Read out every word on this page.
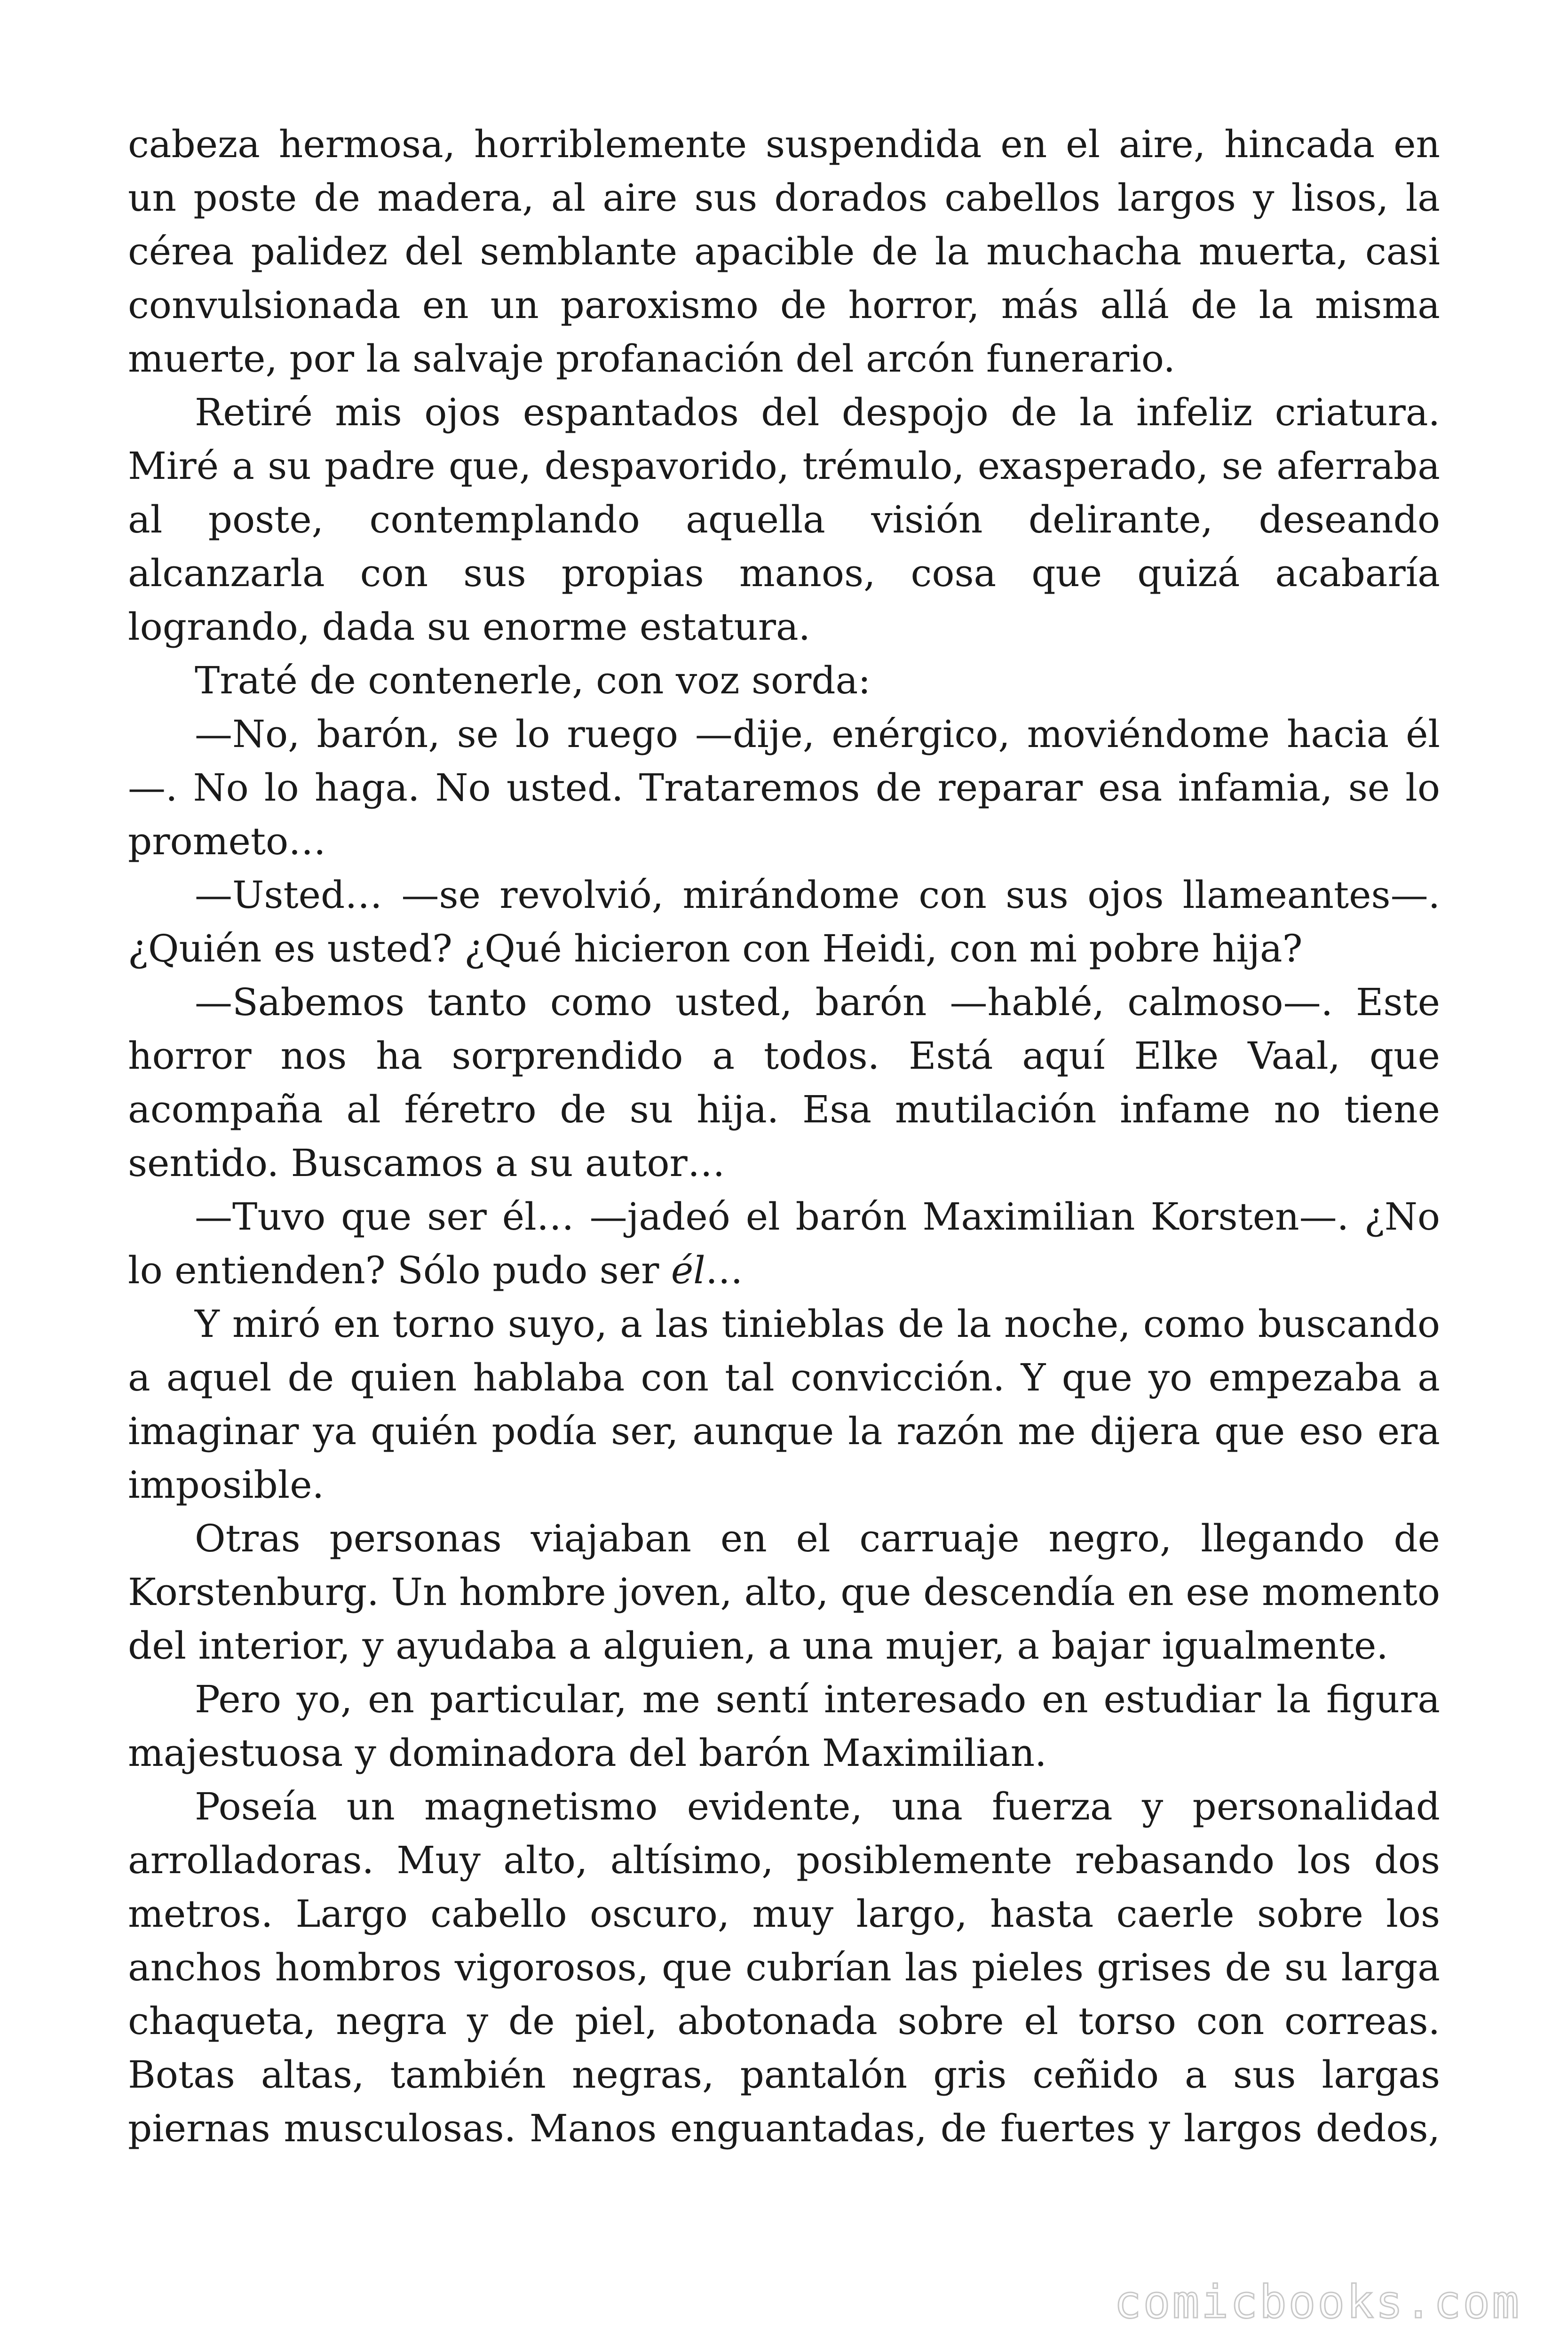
cabeza hermosa, horriblemente suspendida en el aire, hincada en un poste de madera, al aire sus dorados cabellos largos y lisos, la cérea palidez del semblante apacible de la muchacha muerta, casi convulsionada en un paroxismo de horror, más allá de la misma muerte, por la salvaje profanación del arcón funerario.

Retiré mis ojos espantados del despojo de la infeliz criatura. Miré a su padre que, despavorido, trémulo, exasperado, se aferraba al poste, contemplando aquella visión delirante, deseando alcanzarla con sus propias manos, cosa que quizá acabaría logrando, dada su enorme estatura.

Traté de contenerle, con voz sorda:

—No, barón, se lo ruego —dije, enérgico, moviéndome hacia él —. No lo haga. No usted. Trataremos de reparar esa infamia, se lo prometo…

—Usted… —se revolvió, mirándome con sus ojos llameantes—. ¿Quién es usted? ¿Qué hicieron con Heidi, con mi pobre hija?

—Sabemos tanto como usted, barón —hablé, calmoso—. Este horror nos ha sorprendido a todos. Está aquí Elke Vaal, que acompaña al féretro de su hija. Esa mutilación infame no tiene sentido. Buscamos a su autor…

—Tuvo que ser él… —jadeó el barón Maximilian Korsten—. ¿No lo entienden? Sólo pudo ser él…

Y miró en torno suyo, a las tinieblas de la noche, como buscando a aquel de quien hablaba con tal convicción. Y que yo empezaba a imaginar ya quién podía ser, aunque la razón me dijera que eso era imposible.

Otras personas viajaban en el carruaje negro, llegando de Korstenburg. Un hombre joven, alto, que descendía en ese momento del interior, y ayudaba a alguien, a una mujer, a bajar igualmente.

Pero yo, en particular, me sentí interesado en estudiar la figura majestuosa y dominadora del barón Maximilian.

Poseía un magnetismo evidente, una fuerza y personalidad arrolladoras. Muy alto, altísimo, posiblemente rebasando los dos metros. Largo cabello oscuro, muy largo, hasta caerle sobre los anchos hombros vigorosos, que cubrían las pieles grises de su larga chaqueta, negra y de piel, abotonada sobre el torso con correas. Botas altas, también negras, pantalón gris ceñido a sus largas piernas musculosas. Manos enguantadas, de fuertes y largos dedos,

comicbooks.com
